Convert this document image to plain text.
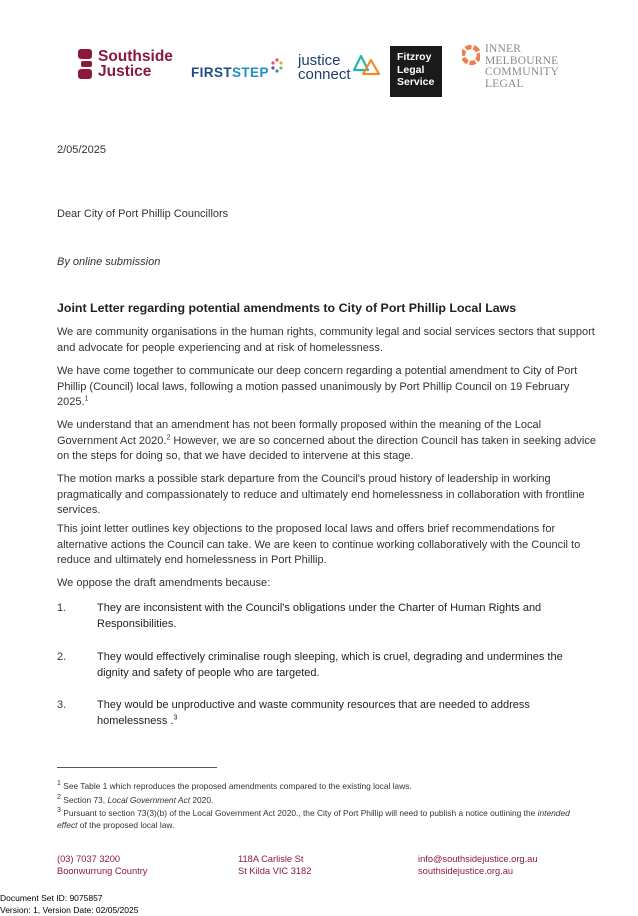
Southside
Justice	FIRSTSTEP
justice
connect
Fitzroy
Legal
Service
INNER
MELBOURNE
COMMUNITY
LEGAL
2/05/2025
Dear City of Port Phillip Councillors
By online submission
Joint Letter regarding potential amendments to City of Port Phillip Local Laws
We are community organisations in the human rights, community legal and social services sectors that support and advocate for people experiencing and at risk of homelessness.
We have come together to communicate our deep concern regarding a potential amendment to City of Port Phillip (Council) local laws, following a motion passed unanimously by Port Phillip Council on 19 February 2025.$^1$
We understand that an amendment has not been formally proposed within the meaning of the Local Government Act 2020.$^2$ However, we are so concerned about the direction Council has taken in seeking advice on the steps for doing so, that we have decided to intervene at this stage.
The motion marks a possible stark departure from the Council's proud history of leadership in working pragmatically and compassionately to reduce and ultimately end homelessness in collaboration with frontline services.
This joint letter outlines key objections to the proposed local laws and offers brief recommendations for alternative actions the Council can take. We are keen to continue working collaboratively with the Council to reduce and ultimately end homelessness in Port Phillip.
We oppose the draft amendments because:
1.	They are inconsistent with the Council's obligations under the Charter of Human Rights and Responsibilities.
2.	They would effectively criminalise rough sleeping, which is cruel, degrading and undermines the dignity and safety of people who are targeted.
3.	They would be unproductive and waste community resources that are needed to address homelessness .$^3$
$^1$ See Table 1 which reproduces the proposed amendments compared to the existing local laws.
$^2$ Section 73, Local Government Act 2020.
$^3$ Pursuant to section 73(3)(b) of the Local Government Act 2020., the City of Port Phillip will need to publish a notice outlining the intended effect of the proposed local law.
(03) 7037 3200
Boonwurrung Country
118A Carlisle St
St Kilda VIC 3182
info@southsidejustice.org.au
southsidejustice.org.au
Document Set ID: 9075857
Version: 1, Version Date: 02/05/2025
